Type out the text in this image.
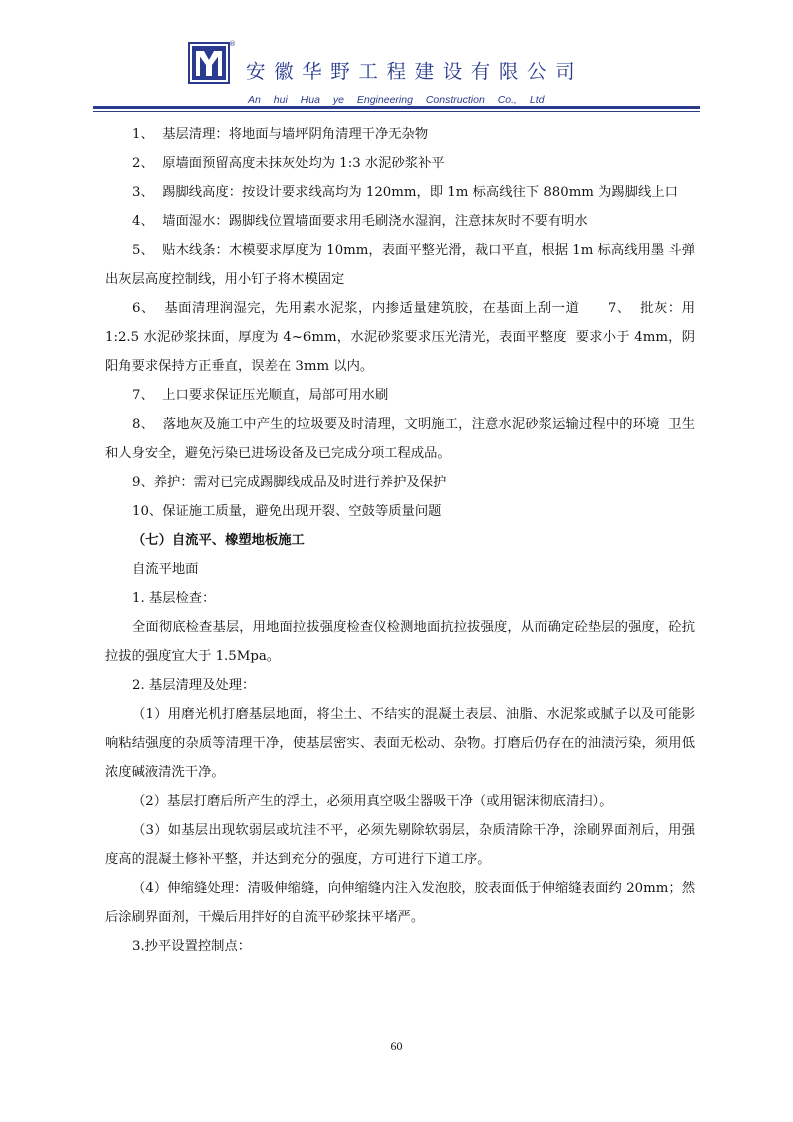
®
安徽华野工程建设有限公司
An hui Hua ye Engineering Construction Co., Ltd

1、  基层清理：将地面与墙坪阴角清理干净无杂物

2、  原墙面预留高度未抹灰处均为 1:3 水泥砂浆补平

3、  踢脚线高度：按设计要求线高均为 120mm，即 1m 标高线往下 880mm 为踢脚线上口

4、  墙面湿水：踢脚线位置墙面要求用毛刷浇水湿润，注意抹灰时不要有明水

5、  贴木线条：木模要求厚度为 10mm，表面平整光滑，裁口平直，根据 1m 标高线用墨 斗弹出灰层高度控制线，用小钉子将木模固定

6、  基面清理润湿完，先用素水泥浆，内掺适量建筑胶，在基面上刮一道      7、  批灰：用 1:2.5 水泥砂浆抹面，厚度为 4~6mm，水泥砂浆要求压光清光，表面平整度  要求小于 4mm，阴阳角要求保持方正垂直，误差在 3mm 以内。

7、  上口要求保证压光顺直，局部可用水刷

8、  落地灰及施工中产生的垃圾要及时清理，文明施工，注意水泥砂浆运输过程中的环境  卫生和人身安全，避免污染已进场设备及已完成分项工程成品。

9、养护：需对已完成踢脚线成品及时进行养护及保护

10、保证施工质量，避免出现开裂、空鼓等质量问题

（七）自流平、橡塑地板施工

自流平地面

1. 基层检查：

全面彻底检查基层，用地面拉拔强度检查仪检测地面抗拉拔强度，从而确定砼垫层的强度，砼抗拉拔的强度宜大于 1.5Mpa。

2. 基层清理及处理：

（1）用磨光机打磨基层地面，将尘土、不结实的混凝土表层、油脂、水泥浆或腻子以及可能影响粘结强度的杂质等清理干净，使基层密实、表面无松动、杂物。打磨后仍存在的油渍污染，须用低浓度碱液清洗干净。

（2）基层打磨后所产生的浮土，必须用真空吸尘器吸干净（或用锯沫彻底清扫）。

（3）如基层出现软弱层或坑洼不平，必须先剔除软弱层，杂质清除干净，涂刷界面剂后，用强度高的混凝土修补平整，并达到充分的强度，方可进行下道工序。

（4）伸缩缝处理：清吸伸缩缝，向伸缩缝内注入发泡胶，胶表面低于伸缩缝表面约 20mm；然后涂刷界面剂，干燥后用拌好的自流平砂浆抹平堵严。

3.抄平设置控制点：

60
